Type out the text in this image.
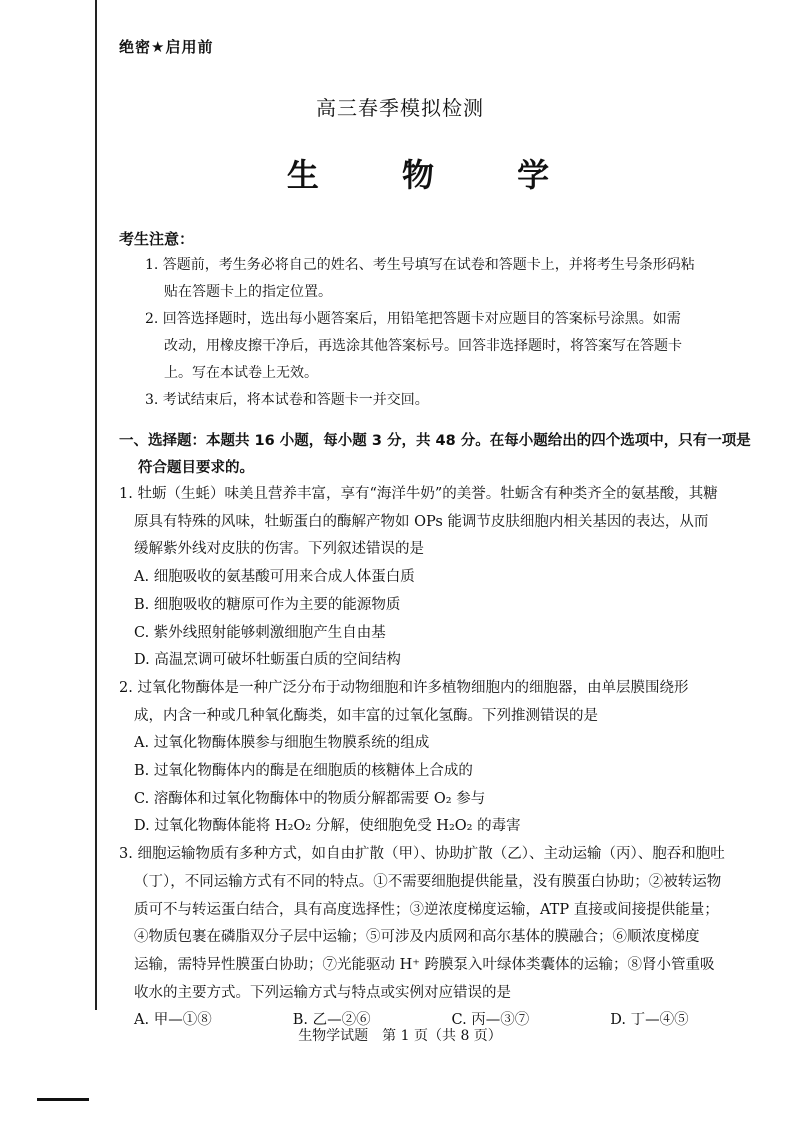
绝密★启用前
高三春季模拟检测
生 物 学
考生注意：
1. 答题前，考生务必将自己的姓名、考生号填写在试卷和答题卡上，并将考生号条形码粘
贴在答题卡上的指定位置。
2. 回答选择题时，选出每小题答案后，用铅笔把答题卡对应题目的答案标号涂黑。如需
改动，用橡皮擦干净后，再选涂其他答案标号。回答非选择题时，将答案写在答题卡
上。写在本试卷上无效。
3. 考试结束后，将本试卷和答题卡一并交回。
一、选择题：本题共 16 小题，每小题 3 分，共 48 分。在每小题给出的四个选项中，只有一项是
符合题目要求的。
1. 牡蛎（生蚝）味美且营养丰富，享有“海洋牛奶”的美誉。牡蛎含有种类齐全的氨基酸，其糖
原具有特殊的风味，牡蛎蛋白的酶解产物如 OPs 能调节皮肤细胞内相关基因的表达，从而
缓解紫外线对皮肤的伤害。下列叙述错误的是
A. 细胞吸收的氨基酸可用来合成人体蛋白质
B. 细胞吸收的糖原可作为主要的能源物质
C. 紫外线照射能够刺激细胞产生自由基
D. 高温烹调可破坏牡蛎蛋白质的空间结构
2. 过氧化物酶体是一种广泛分布于动物细胞和许多植物细胞内的细胞器，由单层膜围绕形
成，内含一种或几种氧化酶类，如丰富的过氧化氢酶。下列推测错误的是
A. 过氧化物酶体膜参与细胞生物膜系统的组成
B. 过氧化物酶体内的酶是在细胞质的核糖体上合成的
C. 溶酶体和过氧化物酶体中的物质分解都需要 O₂ 参与
D. 过氧化物酶体能将 H₂O₂ 分解，使细胞免受 H₂O₂ 的毒害
3. 细胞运输物质有多种方式，如自由扩散（甲）、协助扩散（乙）、主动运输（丙）、胞吞和胞吐
（丁），不同运输方式有不同的特点。①不需要细胞提供能量，没有膜蛋白协助；②被转运物
质可不与转运蛋白结合，具有高度选择性；③逆浓度梯度运输，ATP 直接或间接提供能量；
④物质包裹在磷脂双分子层中运输；⑤可涉及内质网和高尔基体的膜融合；⑥顺浓度梯度
运输，需特异性膜蛋白协助；⑦光能驱动 H⁺ 跨膜泵入叶绿体类囊体的运输；⑧肾小管重吸
收水的主要方式。下列运输方式与特点或实例对应错误的是
A. 甲—①⑧	B. 乙—②⑥	C. 丙—③⑦	D. 丁—④⑤
生物学试题　第 1 页（共 8 页）
